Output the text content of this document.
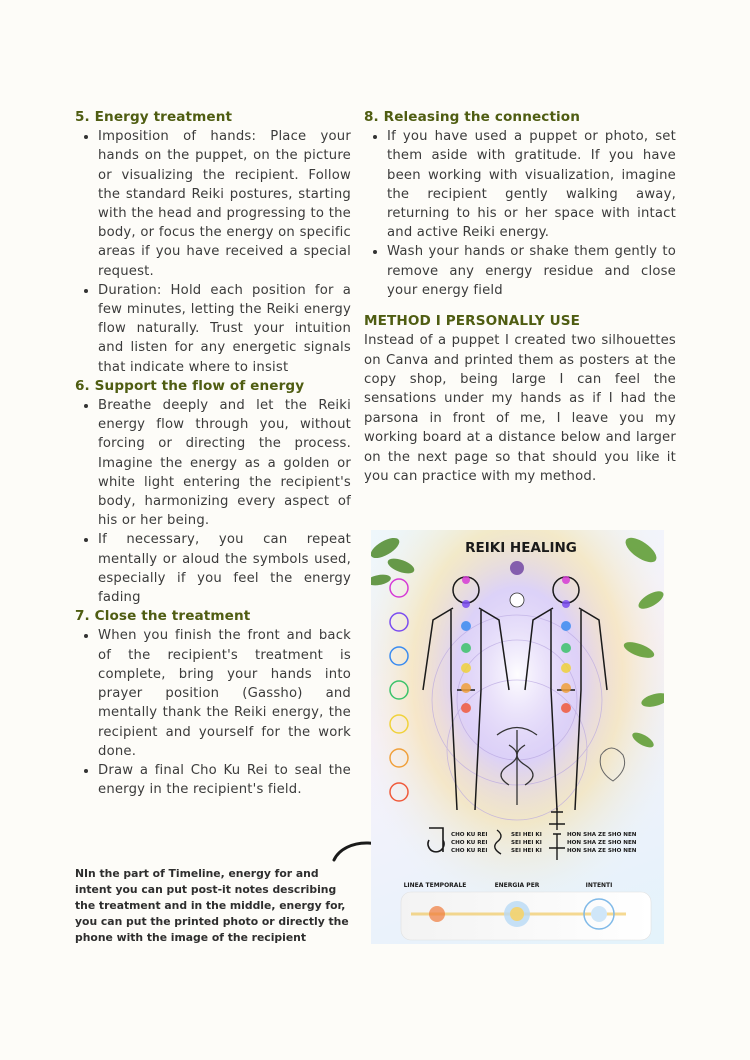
5. Energy treatment
• Imposition of hands: Place your hands on the puppet, on the picture or visualizing the recipient. Follow the standard Reiki postures, starting with the head and progressing to the body, or focus the energy on specific areas if you have received a special request.
• Duration: Hold each position for a few minutes, letting the Reiki energy flow naturally. Trust your intuition and listen for any energetic signals that indicate where to insist
6. Support the flow of energy
• Breathe deeply and let the Reiki energy flow through you, without forcing or directing the process. Imagine the energy as a golden or white light entering the recipient's body, harmonizing every aspect of his or her being.
• If necessary, you can repeat mentally or aloud the symbols used, especially if you feel the energy fading
7. Close the treatment
• When you finish the front and back of the recipient's treatment is complete, bring your hands into prayer position (Gassho) and mentally thank the Reiki energy, the recipient and yourself for the work done.
• Draw a final Cho Ku Rei to seal the energy in the recipient's field.
8. Releasing the connection
• If you have used a puppet or photo, set them aside with gratitude. If you have been working with visualization, imagine the recipient gently walking away, returning to his or her space with intact and active Reiki energy.
• Wash your hands or shake them gently to remove any energy residue and close your energy field
METHOD I PERSONALLY USE

Instead of a puppet I created two silhouettes on Canva and printed them as posters at the copy shop, being large I can feel the sensations under my hands as if I had the parsona in front of me, I leave you my working board at a distance below and larger on the next page so that should you like it you can practice with my method.

NIn the part of Timeline, energy for and intent you can put post-it notes describing the treatment and in the middle, energy for, you can put the printed photo or directly the phone with the image of the recipient
REIKI HEALING
CHO KU REI
CHO KU REI
CHO KU REI
SEI HEI KI
SEI HEI KI
SEI HEI KI
HON SHA ZE SHO NEN
HON SHA ZE SHO NEN
HON SHA ZE SHO NEN
LINEA TEMPORALE	ENERGIA PER	INTENTI
